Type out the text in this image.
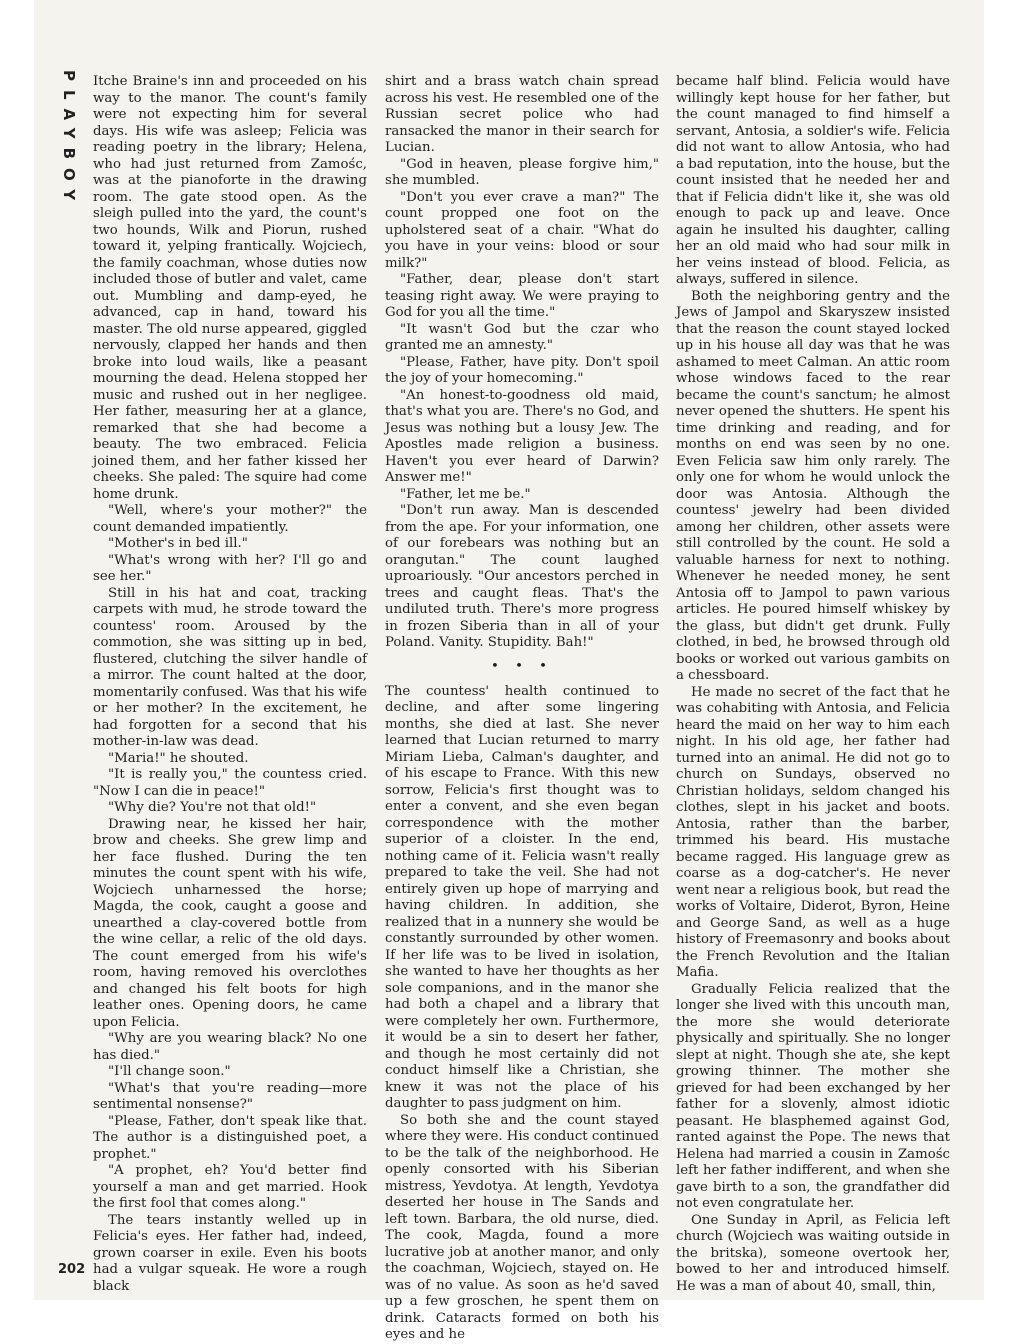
PLAYBOY
202

Itche Braine's inn and proceeded on his way to the manor. The count's family were not expecting him for several days. His wife was asleep; Felicia was reading poetry in the library; Helena, who had just returned from Zamośc, was at the pianoforte in the drawing room. The gate stood open. As the sleigh pulled into the yard, the count's two hounds, Wilk and Piorun, rushed toward it, yelping frantically. Wojciech, the family coachman, whose duties now included those of butler and valet, came out. Mumbling and damp-eyed, he advanced, cap in hand, toward his master. The old nurse appeared, giggled nervously, clapped her hands and then broke into loud wails, like a peasant mourning the dead. Helena stopped her music and rushed out in her negligee. Her father, measuring her at a glance, remarked that she had become a beauty. The two embraced. Felicia joined them, and her father kissed her cheeks. She paled: The squire had come home drunk.

"Well, where's your mother?" the count demanded impatiently.

"Mother's in bed ill."

"What's wrong with her? I'll go and see her."

Still in his hat and coat, tracking carpets with mud, he strode toward the countess' room. Aroused by the commotion, she was sitting up in bed, flustered, clutching the silver handle of a mirror. The count halted at the door, momentarily confused. Was that his wife or her mother? In the excitement, he had forgotten for a second that his mother-in-law was dead.

"Maria!" he shouted.

"It is really you," the countess cried. "Now I can die in peace!"

"Why die? You're not that old!"

Drawing near, he kissed her hair, brow and cheeks. She grew limp and her face flushed. During the ten minutes the count spent with his wife, Wojciech unharnessed the horse; Magda, the cook, caught a goose and unearthed a clay-covered bottle from the wine cellar, a relic of the old days. The count emerged from his wife's room, having removed his overclothes and changed his felt boots for high leather ones. Opening doors, he came upon Felicia.

"Why are you wearing black? No one has died."

"I'll change soon."

"What's that you're reading—more sentimental nonsense?"

"Please, Father, don't speak like that. The author is a distinguished poet, a prophet."

"A prophet, eh? You'd better find yourself a man and get married. Hook the first fool that comes along."

The tears instantly welled up in Felicia's eyes. Her father had, indeed, grown coarser in exile. Even his boots had a vulgar squeak. He wore a rough black

shirt and a brass watch chain spread across his vest. He resembled one of the Russian secret police who had ransacked the manor in their search for Lucian.

"God in heaven, please forgive him," she mumbled.

"Don't you ever crave a man?" The count propped one foot on the upholstered seat of a chair. "What do you have in your veins: blood or sour milk?"

"Father, dear, please don't start teasing right away. We were praying to God for you all the time."

"It wasn't God but the czar who granted me an amnesty."

"Please, Father, have pity. Don't spoil the joy of your homecoming."

"An honest-to-goodness old maid, that's what you are. There's no God, and Jesus was nothing but a lousy Jew. The Apostles made religion a business. Haven't you ever heard of Darwin? Answer me!"

"Father, let me be."

"Don't run away. Man is descended from the ape. For your information, one of our forebears was nothing but an orangutan." The count laughed uproariously. "Our ancestors perched in trees and caught fleas. That's the undiluted truth. There's more progress in frozen Siberia than in all of your Poland. Vanity. Stupidity. Bah!"

• • •

The countess' health continued to decline, and after some lingering months, she died at last. She never learned that Lucian returned to marry Miriam Lieba, Calman's daughter, and of his escape to France. With this new sorrow, Felicia's first thought was to enter a convent, and she even began correspondence with the mother superior of a cloister. In the end, nothing came of it. Felicia wasn't really prepared to take the veil. She had not entirely given up hope of marrying and having children. In addition, she realized that in a nunnery she would be constantly surrounded by other women. If her life was to be lived in isolation, she wanted to have her thoughts as her sole companions, and in the manor she had both a chapel and a library that were completely her own. Furthermore, it would be a sin to desert her father, and though he most certainly did not conduct himself like a Christian, she knew it was not the place of his daughter to pass judgment on him.

So both she and the count stayed where they were. His conduct continued to be the talk of the neighborhood. He openly consorted with his Siberian mistress, Yevdotya. At length, Yevdotya deserted her house in The Sands and left town. Barbara, the old nurse, died. The cook, Magda, found a more lucrative job at another manor, and only the coachman, Wojciech, stayed on. He was of no value. As soon as he'd saved up a few groschen, he spent them on drink. Cataracts formed on both his eyes and he

became half blind. Felicia would have willingly kept house for her father, but the count managed to find himself a servant, Antosia, a soldier's wife. Felicia did not want to allow Antosia, who had a bad reputation, into the house, but the count insisted that he needed her and that if Felicia didn't like it, she was old enough to pack up and leave. Once again he insulted his daughter, calling her an old maid who had sour milk in her veins instead of blood. Felicia, as always, suffered in silence.

Both the neighboring gentry and the Jews of Jampol and Skaryszew insisted that the reason the count stayed locked up in his house all day was that he was ashamed to meet Calman. An attic room whose windows faced to the rear became the count's sanctum; he almost never opened the shutters. He spent his time drinking and reading, and for months on end was seen by no one. Even Felicia saw him only rarely. The only one for whom he would unlock the door was Antosia. Although the countess' jewelry had been divided among her children, other assets were still controlled by the count. He sold a valuable harness for next to nothing. Whenever he needed money, he sent Antosia off to Jampol to pawn various articles. He poured himself whiskey by the glass, but didn't get drunk. Fully clothed, in bed, he browsed through old books or worked out various gambits on a chessboard.

He made no secret of the fact that he was cohabiting with Antosia, and Felicia heard the maid on her way to him each night. In his old age, her father had turned into an animal. He did not go to church on Sundays, observed no Christian holidays, seldom changed his clothes, slept in his jacket and boots. Antosia, rather than the barber, trimmed his beard. His mustache became ragged. His language grew as coarse as a dog-catcher's. He never went near a religious book, but read the works of Voltaire, Diderot, Byron, Heine and George Sand, as well as a huge history of Freemasonry and books about the French Revolution and the Italian Mafia.

Gradually Felicia realized that the longer she lived with this uncouth man, the more she would deteriorate physically and spiritually. She no longer slept at night. Though she ate, she kept growing thinner. The mother she grieved for had been exchanged by her father for a slovenly, almost idiotic peasant. He blasphemed against God, ranted against the Pope. The news that Helena had married a cousin in Zamośc left her father indifferent, and when she gave birth to a son, the grandfather did not even congratulate her.

One Sunday in April, as Felicia left church (Wojciech was waiting outside in the britska), someone overtook her, bowed to her and introduced himself. He was a man of about 40, small, thin,
